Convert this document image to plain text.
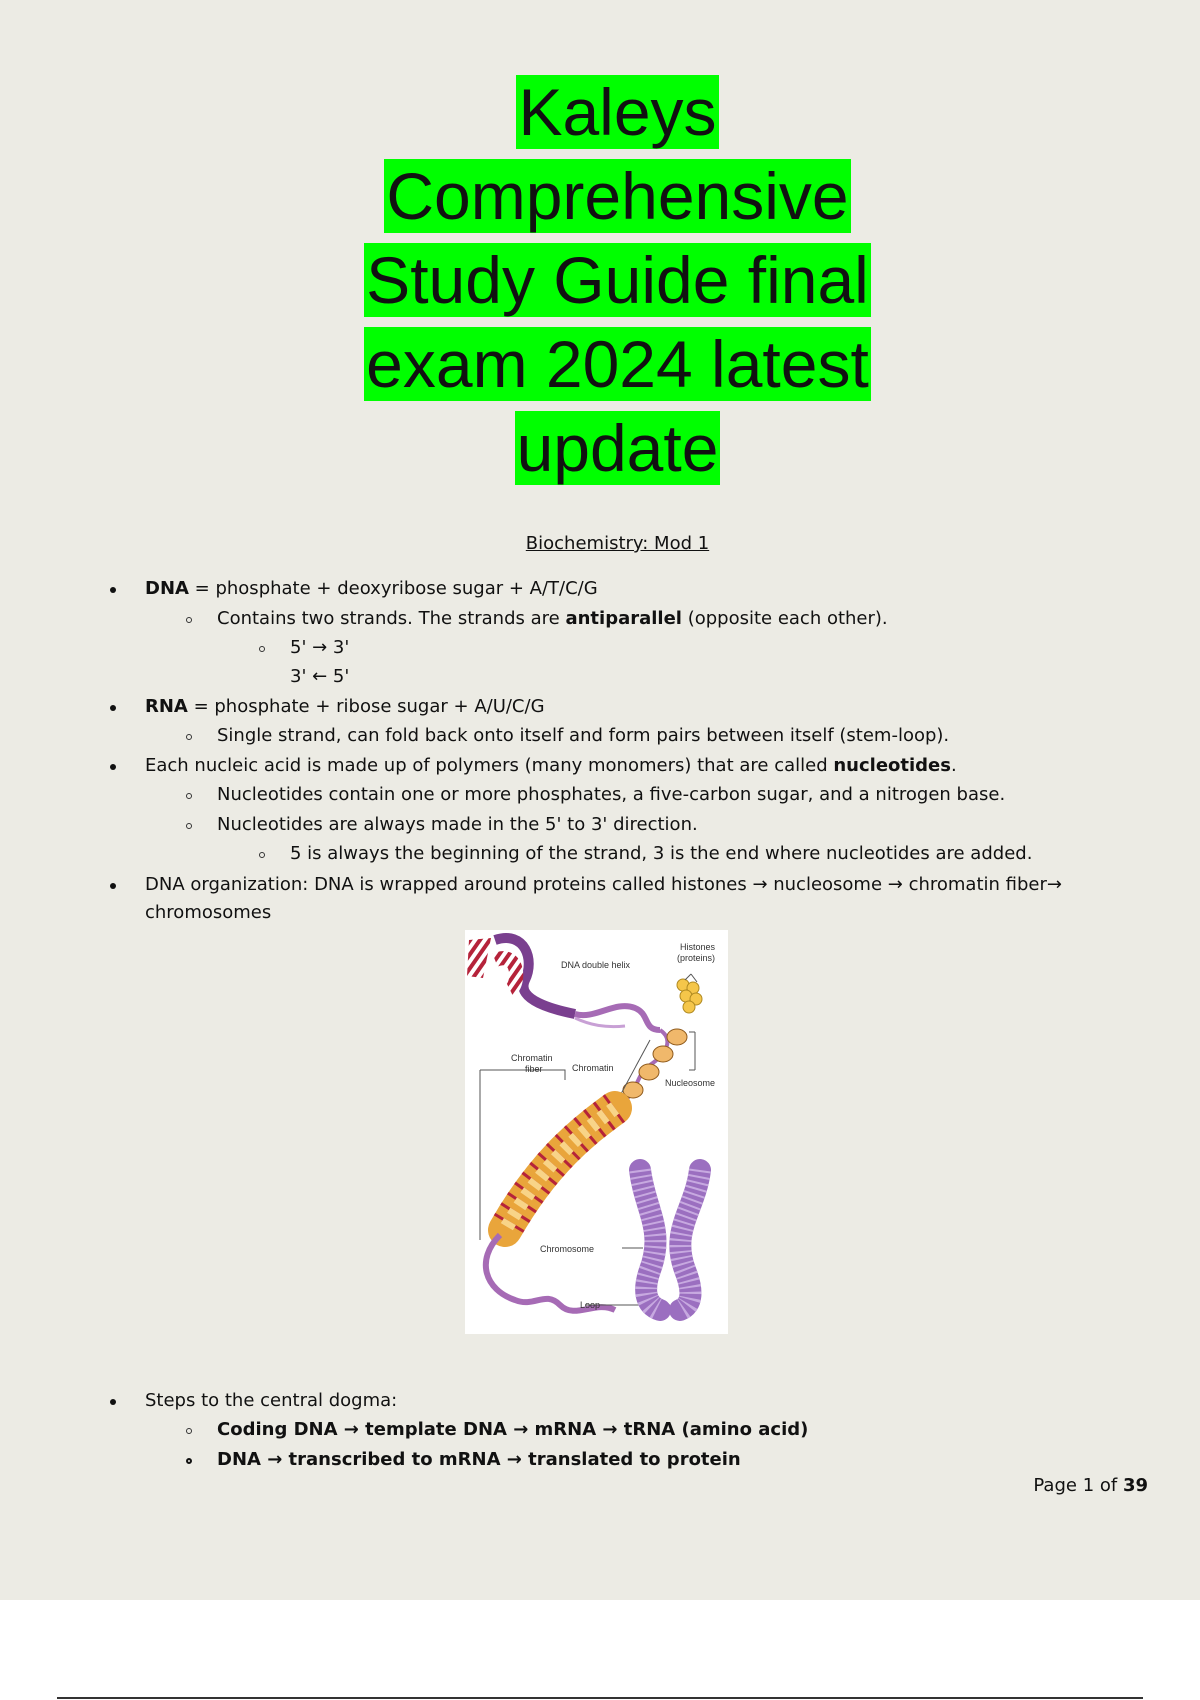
Kaleys
Comprehensive
Study Guide final
exam 2024 latest
update
Biochemistry: Mod 1
DNA = phosphate + deoxyribose sugar + A/T/C/G
Contains two strands. The strands are antiparallel (opposite each other).
5' → 3'
3' ← 5'
RNA = phosphate + ribose sugar + A/U/C/G
Single strand, can fold back onto itself and form pairs between itself (stem-loop).
Each nucleic acid is made up of polymers (many monomers) that are called nucleotides.
Nucleotides contain one or more phosphates, a five-carbon sugar, and a nitrogen base.
Nucleotides are always made in the 5' to 3' direction.
5 is always the beginning of the strand, 3 is the end where nucleotides are added.
DNA organization: DNA is wrapped around proteins called histones → nucleosome → chromatin fiber→
chromosomes
Steps to the central dogma:
Coding DNA → template DNA → mRNA → tRNA (amino acid)
DNA → transcribed to mRNA → translated to protein
Page 1 of 39
DNA double helix
Histones
(proteins)
Chromatin
fiber	Chromatin
Nucleosome
Chromosome
Loop
